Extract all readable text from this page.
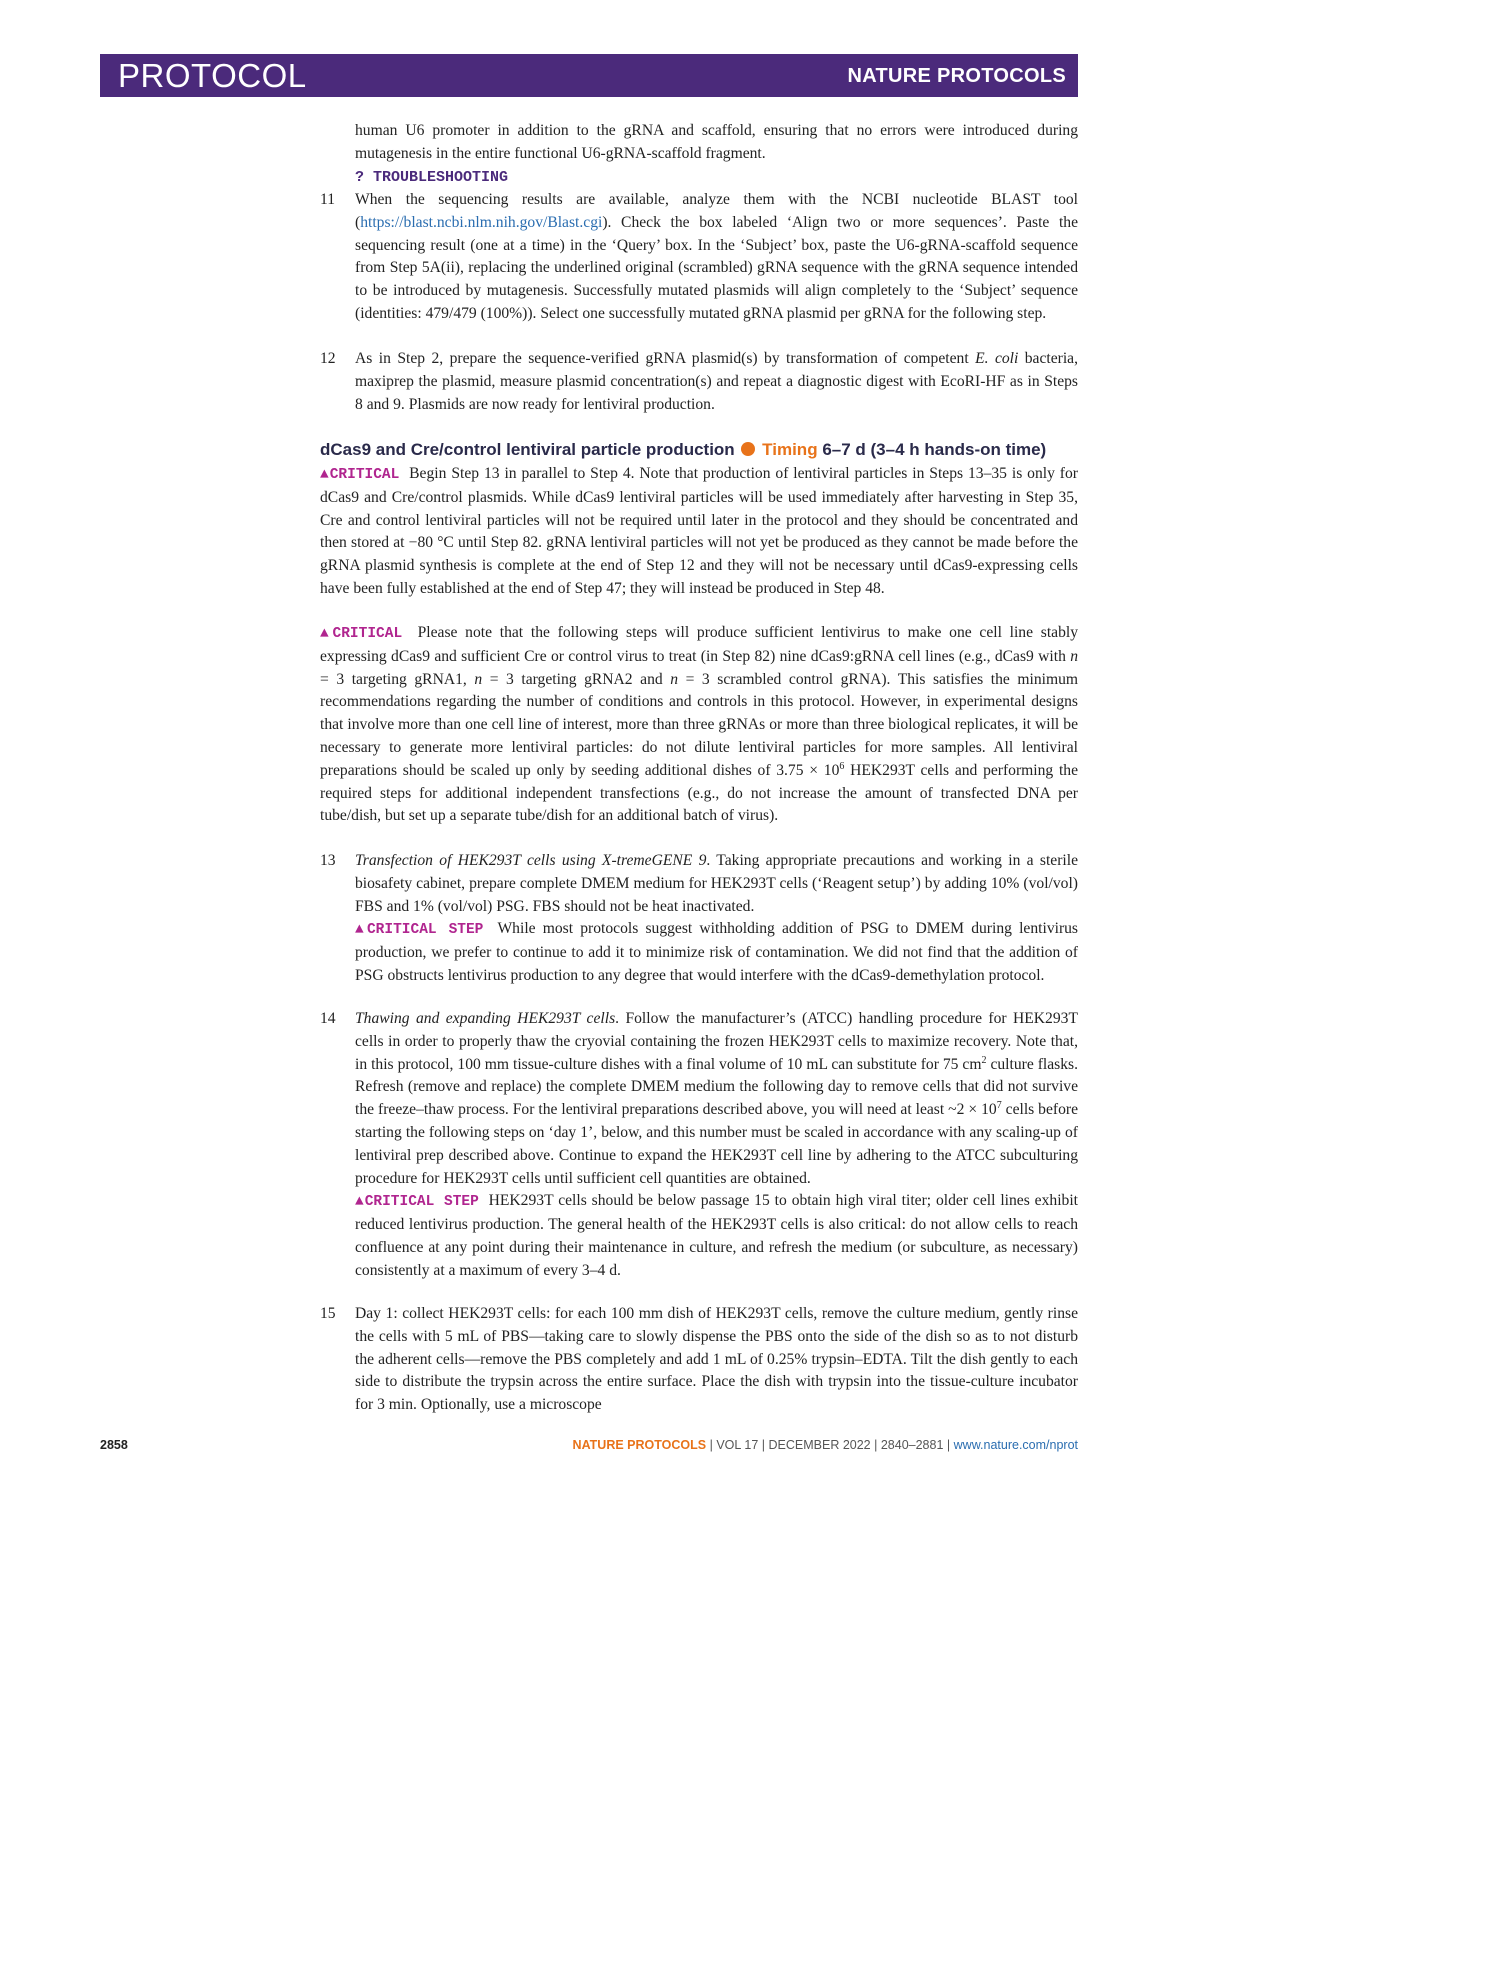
PROTOCOL	NATURE PROTOCOLS
human U6 promoter in addition to the gRNA and scaffold, ensuring that no errors were introduced during mutagenesis in the entire functional U6-gRNA-scaffold fragment.
? TROUBLESHOOTING
11	When the sequencing results are available, analyze them with the NCBI nucleotide BLAST tool (https://blast.ncbi.nlm.nih.gov/Blast.cgi). Check the box labeled ‘Align two or more sequences’. Paste the sequencing result (one at a time) in the ‘Query’ box. In the ‘Subject’ box, paste the U6-gRNA-scaffold sequence from Step 5A(ii), replacing the underlined original (scrambled) gRNA sequence with the gRNA sequence intended to be introduced by mutagenesis. Successfully mutated plasmids will align completely to the ‘Subject’ sequence (identities: 479/479 (100%)). Select one successfully mutated gRNA plasmid per gRNA for the following step.
12	As in Step 2, prepare the sequence-verified gRNA plasmid(s) by transformation of competent E. coli bacteria, maxiprep the plasmid, measure plasmid concentration(s) and repeat a diagnostic digest with EcoRI-HF as in Steps 8 and 9. Plasmids are now ready for lentiviral production.
dCas9 and Cre/control lentiviral particle production Timing 6–7 d (3–4 h hands-on time)
▲CRITICAL Begin Step 13 in parallel to Step 4. Note that production of lentiviral particles in Steps 13–35 is only for dCas9 and Cre/control plasmids. While dCas9 lentiviral particles will be used immediately after harvesting in Step 35, Cre and control lentiviral particles will not be required until later in the protocol and they should be concentrated and then stored at −80 °C until Step 82. gRNA lentiviral particles will not yet be produced as they cannot be made before the gRNA plasmid synthesis is complete at the end of Step 12 and they will not be necessary until dCas9-expressing cells have been fully established at the end of Step 47; they will instead be produced in Step 48.
▲CRITICAL Please note that the following steps will produce sufficient lentivirus to make one cell line stably expressing dCas9 and sufficient Cre or control virus to treat (in Step 82) nine dCas9:gRNA cell lines (e.g., dCas9 with n = 3 targeting gRNA1, n = 3 targeting gRNA2 and n = 3 scrambled control gRNA). This satisfies the minimum recommendations regarding the number of conditions and controls in this protocol. However, in experimental designs that involve more than one cell line of interest, more than three gRNAs or more than three biological replicates, it will be necessary to generate more lentiviral particles: do not dilute lentiviral particles for more samples. All lentiviral preparations should be scaled up only by seeding additional dishes of $3.75 \times 10^6$ HEK293T cells and performing the required steps for additional independent transfections (e.g., do not increase the amount of transfected DNA per tube/dish, but set up a separate tube/dish for an additional batch of virus).
13	Transfection of HEK293T cells using X-tremeGENE 9. Taking appropriate precautions and working in a sterile biosafety cabinet, prepare complete DMEM medium for HEK293T cells (‘Reagent setup’) by adding 10% (vol/vol) FBS and 1% (vol/vol) PSG. FBS should not be heat inactivated.
▲CRITICAL STEP While most protocols suggest withholding addition of PSG to DMEM during lentivirus production, we prefer to continue to add it to minimize risk of contamination. We did not find that the addition of PSG obstructs lentivirus production to any degree that would interfere with the dCas9-demethylation protocol.
14	Thawing and expanding HEK293T cells. Follow the manufacturer’s (ATCC) handling procedure for HEK293T cells in order to properly thaw the cryovial containing the frozen HEK293T cells to maximize recovery. Note that, in this protocol, 100 mm tissue-culture dishes with a final volume of 10 mL can substitute for 75 $cm^2$ culture flasks. Refresh (remove and replace) the complete DMEM medium the following day to remove cells that did not survive the freeze–thaw process. For the lentiviral preparations described above, you will need at least ~2 × $10^7$ cells before starting the following steps on ‘day 1’, below, and this number must be scaled in accordance with any scaling-up of lentiviral prep described above. Continue to expand the HEK293T cell line by adhering to the ATCC subculturing procedure for HEK293T cells until sufficient cell quantities are obtained.
▲CRITICAL STEP HEK293T cells should be below passage 15 to obtain high viral titer; older cell lines exhibit reduced lentivirus production. The general health of the HEK293T cells is also critical: do not allow cells to reach confluence at any point during their maintenance in culture, and refresh the medium (or subculture, as necessary) consistently at a maximum of every 3–4 d.
15	Day 1: collect HEK293T cells: for each 100 mm dish of HEK293T cells, remove the culture medium, gently rinse the cells with 5 mL of PBS—taking care to slowly dispense the PBS onto the side of the dish so as to not disturb the adherent cells—remove the PBS completely and add 1 mL of 0.25% trypsin–EDTA. Tilt the dish gently to each side to distribute the trypsin across the entire surface. Place the dish with trypsin into the tissue-culture incubator for 3 min. Optionally, use a microscope
2858	NATURE PROTOCOLS | VOL 17 | DECEMBER 2022 | 2840–2881 | www.nature.com/nprot
